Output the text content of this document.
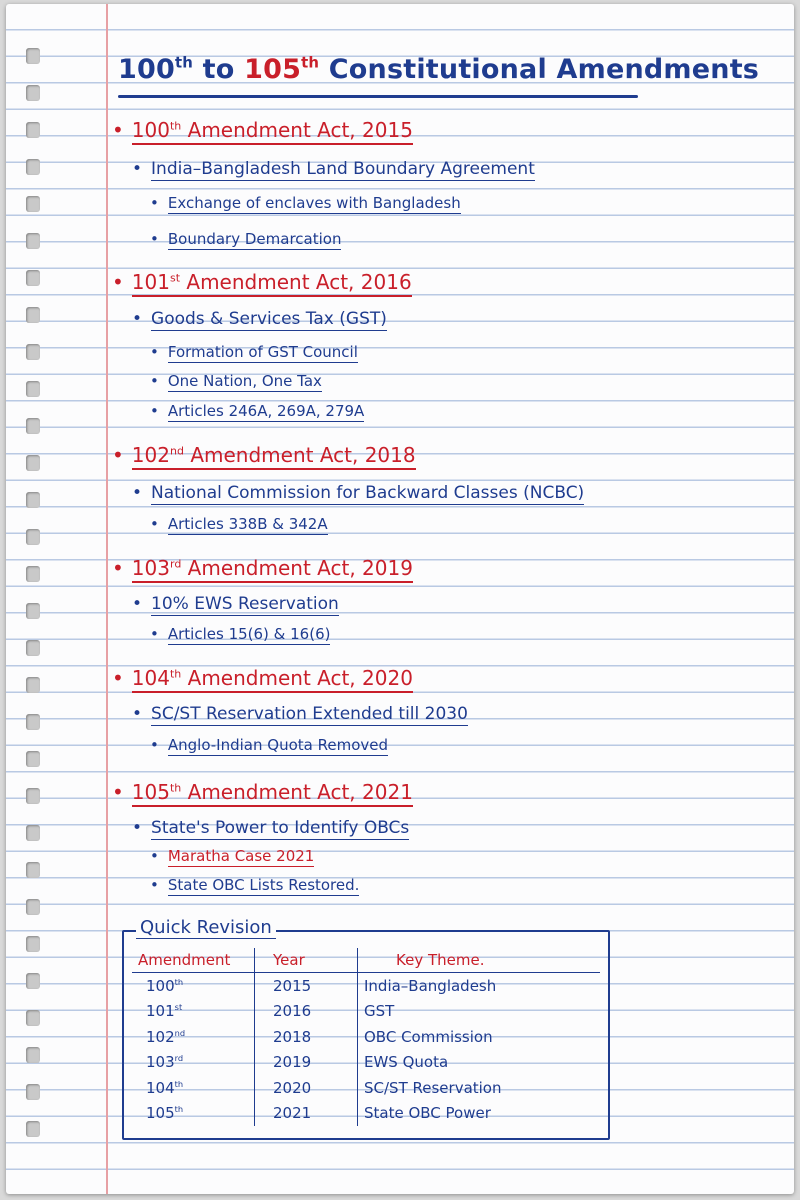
100th to 105th Constitutional Amendments
• 100th Amendment Act, 2015
• India–Bangladesh Land Boundary Agreement
• Exchange of enclaves with Bangladesh
• Boundary Demarcation
• 101st Amendment Act, 2016
• Goods & Services Tax (GST)
• Formation of GST Council
• One Nation, One Tax
• Articles 246A, 269A, 279A
• 102nd Amendment Act, 2018
• National Commission for Backward Classes (NCBC)
• Articles 338B & 342A
• 103rd Amendment Act, 2019
• 10% EWS Reservation
• Articles 15(6) & 16(6)
• 104th Amendment Act, 2020
• SC/ST Reservation Extended till 2030
• Anglo-Indian Quota Removed
• 105th Amendment Act, 2021
• State's Power to Identify OBCs
• Maratha Case 2021
• State OBC Lists Restored.
Quick Revision
Amendment	Year	Key Theme.
100th	2015	India–Bangladesh
101st	2016	GST
102nd	2018	OBC Commission
103rd	2019	EWS Quota
104th	2020	SC/ST Reservation
105th	2021	State OBC Power
